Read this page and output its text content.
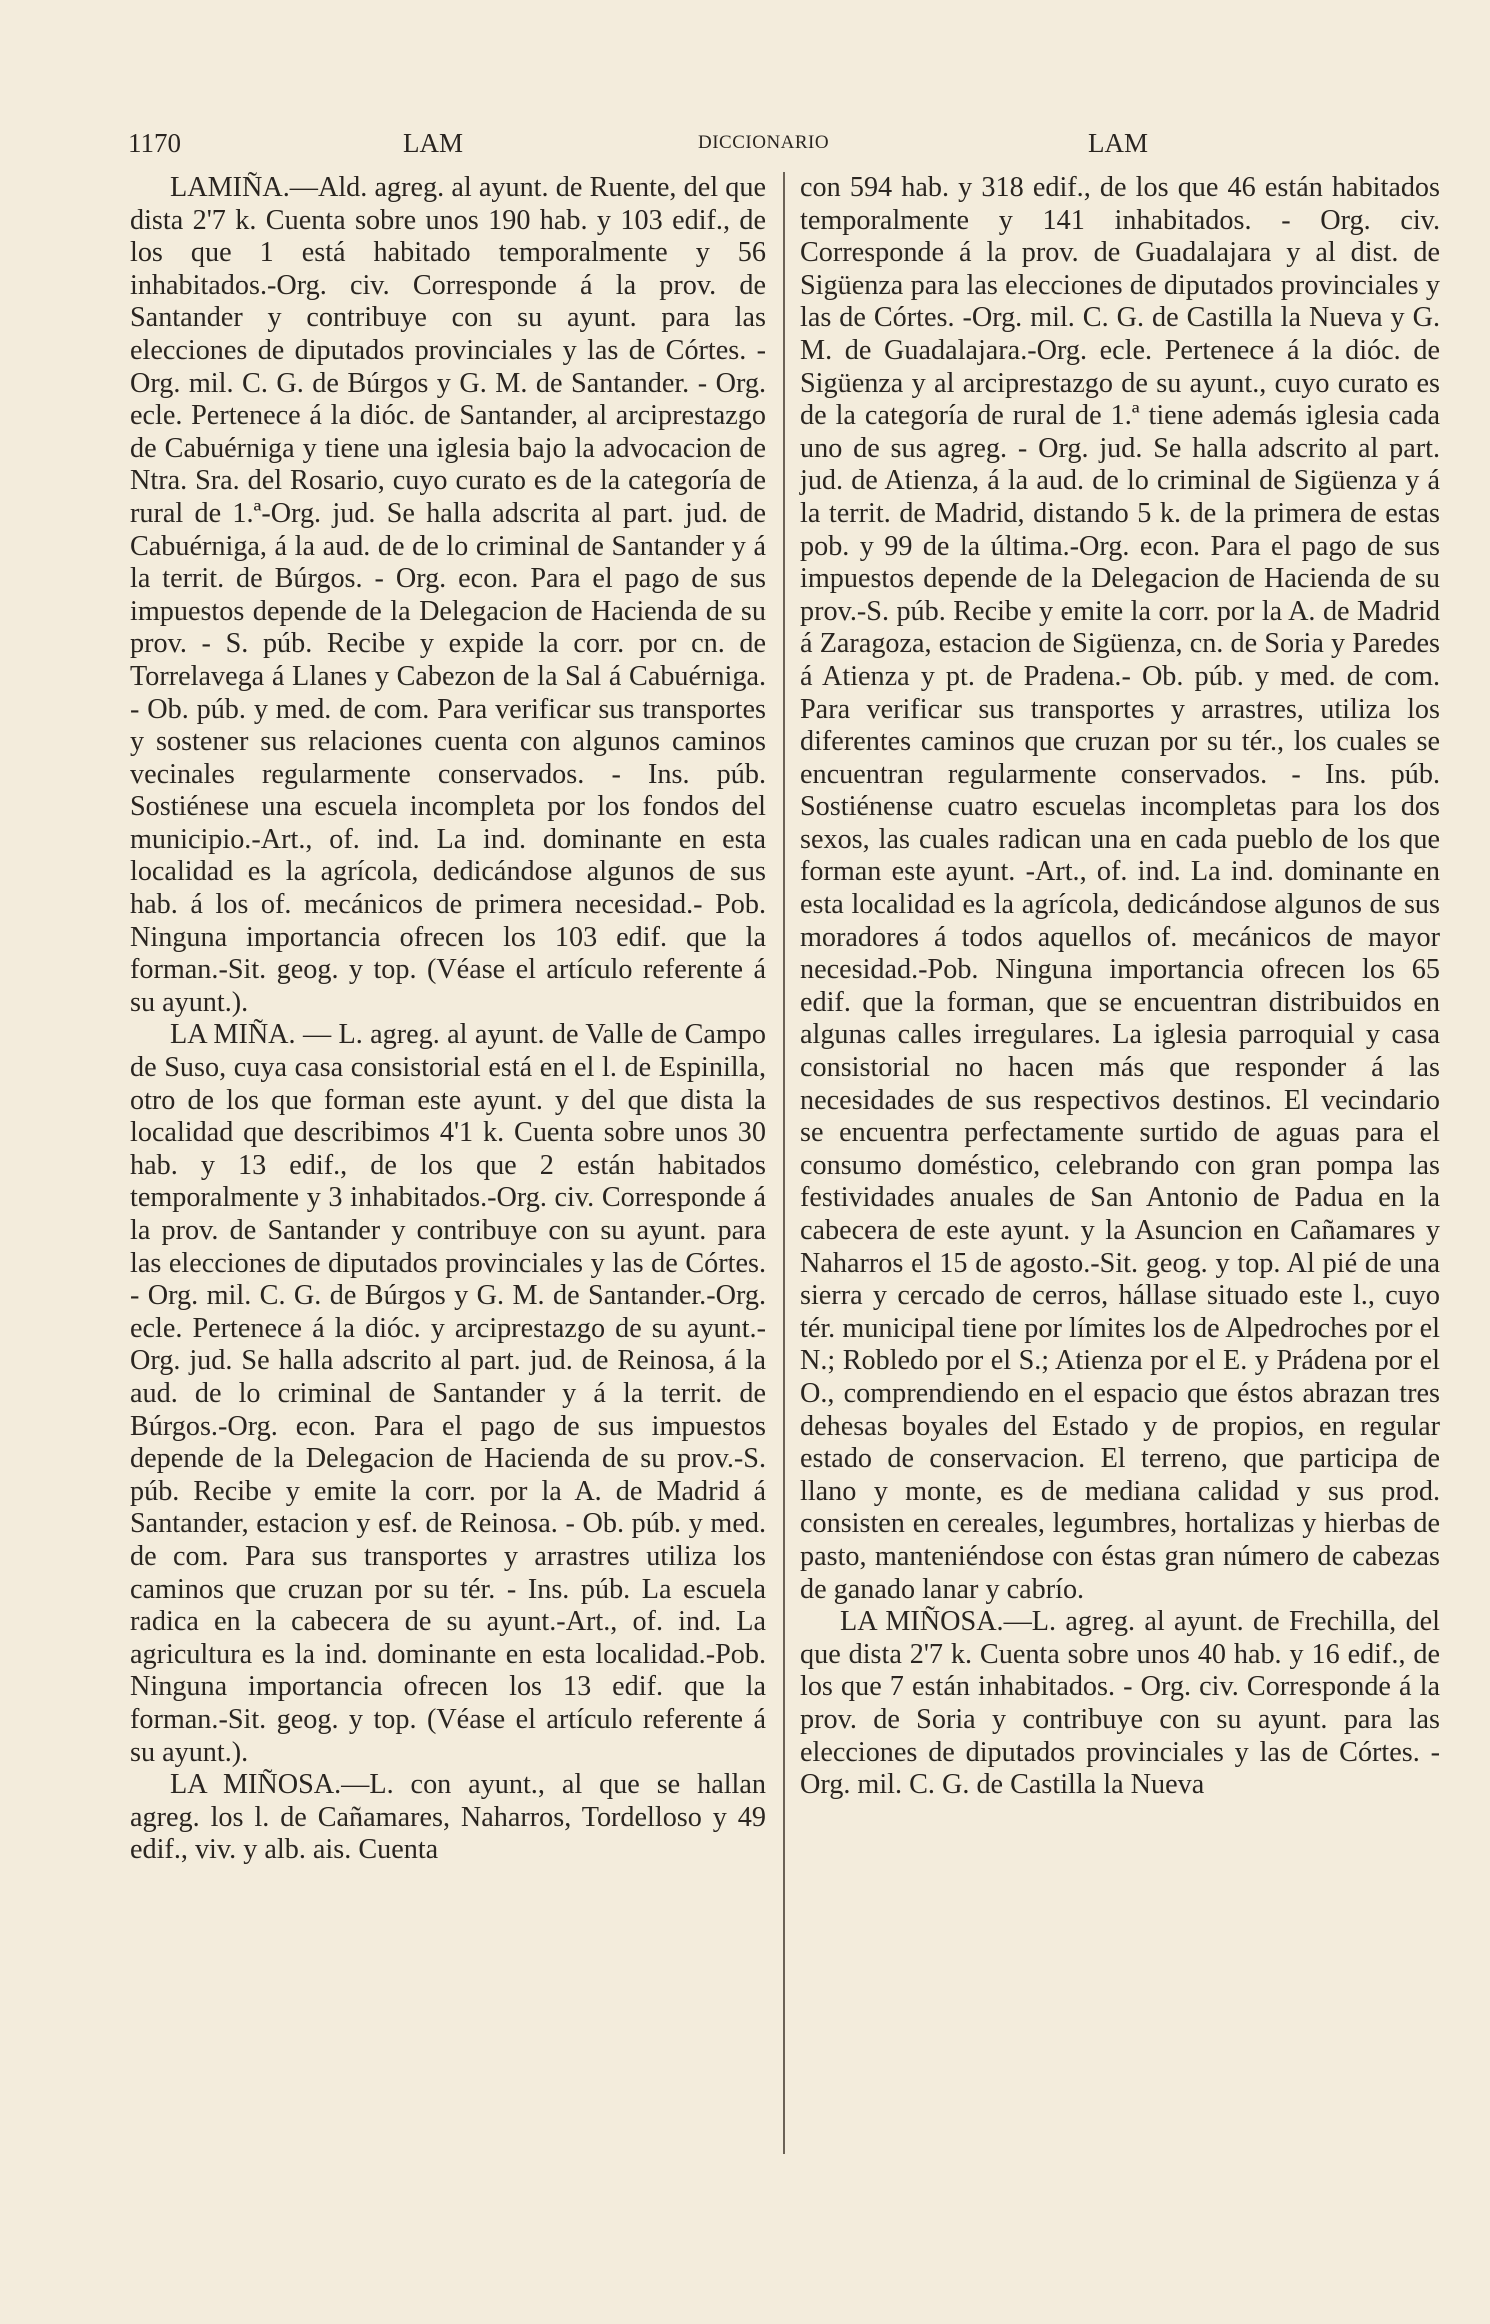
1170	LAM	DICCIONARIO	LAM

LAMIÑA.—Ald. agreg. al ayunt. de Ruente, del que dista 2'7 k. Cuenta sobre unos 190 hab. y 103 edif., de los que 1 está habitado temporalmente y 56 inhabitados.-Org. civ. Corresponde á la prov. de Santander y contribuye con su ayunt. para las elecciones de diputados provinciales y las de Córtes. - Org. mil. C. G. de Búrgos y G. M. de Santander. - Org. ecle. Pertenece á la dióc. de Santander, al arciprestazgo de Cabuérniga y tiene una iglesia bajo la advocacion de Ntra. Sra. del Rosario, cuyo curato es de la categoría de rural de 1.ª-Org. jud. Se halla adscrita al part. jud. de Cabuérniga, á la aud. de de lo criminal de Santander y á la territ. de Búrgos. - Org. econ. Para el pago de sus impuestos depende de la Delegacion de Hacienda de su prov. - S. púb. Recibe y expide la corr. por cn. de Torrelavega á Llanes y Cabezon de la Sal á Cabuérniga. - Ob. púb. y med. de com. Para verificar sus transportes y sostener sus relaciones cuenta con algunos caminos vecinales regularmente conservados. - Ins. púb. Sostiénese una escuela incompleta por los fondos del municipio.-Art., of. ind. La ind. dominante en esta localidad es la agrícola, dedicándose algunos de sus hab. á los of. mecánicos de primera necesidad.- Pob. Ninguna importancia ofrecen los 103 edif. que la forman.-Sit. geog. y top. (Véase el artículo referente á su ayunt.).

LA MIÑA. — L. agreg. al ayunt. de Valle de Campo de Suso, cuya casa consistorial está en el l. de Espinilla, otro de los que forman este ayunt. y del que dista la localidad que describimos 4'1 k. Cuenta sobre unos 30 hab. y 13 edif., de los que 2 están habitados temporalmente y 3 inhabitados.-Org. civ. Corresponde á la prov. de Santander y contribuye con su ayunt. para las elecciones de diputados provinciales y las de Córtes. - Org. mil. C. G. de Búrgos y G. M. de Santander.-Org. ecle. Pertenece á la dióc. y arciprestazgo de su ayunt.-Org. jud. Se halla adscrito al part. jud. de Reinosa, á la aud. de lo criminal de Santander y á la territ. de Búrgos.-Org. econ. Para el pago de sus impuestos depende de la Delegacion de Hacienda de su prov.-S. púb. Recibe y emite la corr. por la A. de Madrid á Santander, estacion y esf. de Reinosa. - Ob. púb. y med. de com. Para sus transportes y arrastres utiliza los caminos que cruzan por su tér. - Ins. púb. La escuela radica en la cabecera de su ayunt.-Art., of. ind. La agricultura es la ind. dominante en esta localidad.-Pob. Ninguna importancia ofrecen los 13 edif. que la forman.-Sit. geog. y top. (Véase el artículo referente á su ayunt.).

LA MIÑOSA.—L. con ayunt., al que se hallan agreg. los l. de Cañamares, Naharros, Tordelloso y 49 edif., viv. y alb. ais. Cuenta

con 594 hab. y 318 edif., de los que 46 están habitados temporalmente y 141 inhabitados. - Org. civ. Corresponde á la prov. de Guadalajara y al dist. de Sigüenza para las elecciones de diputados provinciales y las de Córtes. -Org. mil. C. G. de Castilla la Nueva y G. M. de Guadalajara.-Org. ecle. Pertenece á la dióc. de Sigüenza y al arciprestazgo de su ayunt., cuyo curato es de la categoría de rural de 1.ª tiene además iglesia cada uno de sus agreg. - Org. jud. Se halla adscrito al part. jud. de Atienza, á la aud. de lo criminal de Sigüenza y á la territ. de Madrid, distando 5 k. de la primera de estas pob. y 99 de la última.-Org. econ. Para el pago de sus impuestos depende de la Delegacion de Hacienda de su prov.-S. púb. Recibe y emite la corr. por la A. de Madrid á Zaragoza, estacion de Sigüenza, cn. de Soria y Paredes á Atienza y pt. de Pradena.- Ob. púb. y med. de com. Para verificar sus transportes y arrastres, utiliza los diferentes caminos que cruzan por su tér., los cuales se encuentran regularmente conservados. - Ins. púb. Sostiénense cuatro escuelas incompletas para los dos sexos, las cuales radican una en cada pueblo de los que forman este ayunt. -Art., of. ind. La ind. dominante en esta localidad es la agrícola, dedicándose algunos de sus moradores á todos aquellos of. mecánicos de mayor necesidad.-Pob. Ninguna importancia ofrecen los 65 edif. que la forman, que se encuentran distribuidos en algunas calles irregulares. La iglesia parroquial y casa consistorial no hacen más que responder á las necesidades de sus respectivos destinos. El vecindario se encuentra perfectamente surtido de aguas para el consumo doméstico, celebrando con gran pompa las festividades anuales de San Antonio de Padua en la cabecera de este ayunt. y la Asuncion en Cañamares y Naharros el 15 de agosto.-Sit. geog. y top. Al pié de una sierra y cercado de cerros, hállase situado este l., cuyo tér. municipal tiene por límites los de Alpedroches por el N.; Robledo por el S.; Atienza por el E. y Prádena por el O., comprendiendo en el espacio que éstos abrazan tres dehesas boyales del Estado y de propios, en regular estado de conservacion. El terreno, que participa de llano y monte, es de mediana calidad y sus prod. consisten en cereales, legumbres, hortalizas y hierbas de pasto, manteniéndose con éstas gran número de cabezas de ganado lanar y cabrío.

LA MIÑOSA.—L. agreg. al ayunt. de Frechilla, del que dista 2'7 k. Cuenta sobre unos 40 hab. y 16 edif., de los que 7 están inhabitados. - Org. civ. Corresponde á la prov. de Soria y contribuye con su ayunt. para las elecciones de diputados provinciales y las de Córtes. - Org. mil. C. G. de Castilla la Nueva
